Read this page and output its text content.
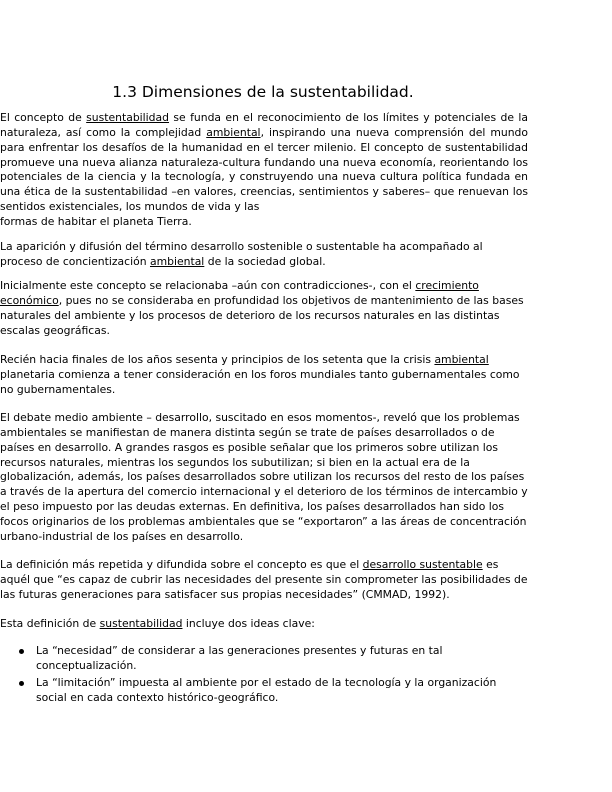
1.3 Dimensiones de la sustentabilidad.

El concepto de sustentabilidad se funda en el reconocimiento de los límites y potenciales de la naturaleza, así como la complejidad ambiental, inspirando una nueva comprensión del mundo para enfrentar los desafíos de la humanidad en el tercer milenio. El concepto de sustentabilidad promueve una nueva alianza naturaleza-cultura fundando una nueva economía, reorientando los potenciales de la ciencia y la tecnología, y construyendo una nueva cultura política fundada en una ética de la sustentabilidad –en valores, creencias, sentimientos y saberes– que renuevan los sentidos existenciales, los mundos de vida y las
formas de habitar el planeta Tierra.

La aparición y difusión del término desarrollo sostenible o sustentable ha acompañado al proceso de concientización ambiental de la sociedad global.

Inicialmente este concepto se relacionaba –aún con contradicciones-, con el crecimiento económico, pues no se consideraba en profundidad los objetivos de mantenimiento de las bases naturales del ambiente y los procesos de deterioro de los recursos naturales en las distintas escalas geográficas.

Recién hacia finales de los años sesenta y principios de los setenta que la crisis ambiental planetaria comienza a tener consideración en los foros mundiales tanto gubernamentales como no gubernamentales.

El debate medio ambiente – desarrollo, suscitado en esos momentos-, reveló que los problemas ambientales se manifiestan de manera distinta según se trate de países desarrollados o de países en desarrollo. A grandes rasgos es posible señalar que los primeros sobre utilizan los recursos naturales, mientras los segundos los subutilizan; si bien en la actual era de la globalización, además, los países desarrollados sobre utilizan los recursos del resto de los países a través de la apertura del comercio internacional y el deterioro de los términos de intercambio y el peso impuesto por las deudas externas. En definitiva, los países desarrollados han sido los focos originarios de los problemas ambientales que se “exportaron” a las áreas de concentración urbano-industrial de los países en desarrollo.

La definición más repetida y difundida sobre el concepto es que el desarrollo sustentable es aquél que “es capaz de cubrir las necesidades del presente sin comprometer las posibilidades de las futuras generaciones para satisfacer sus propias necesidades” (CMMAD, 1992).

Esta definición de sustentabilidad incluye dos ideas clave:

La “necesidad” de considerar a las generaciones presentes y futuras en tal conceptualización.
La “limitación” impuesta al ambiente por el estado de la tecnología y la organización social en cada contexto histórico-geográfico.
